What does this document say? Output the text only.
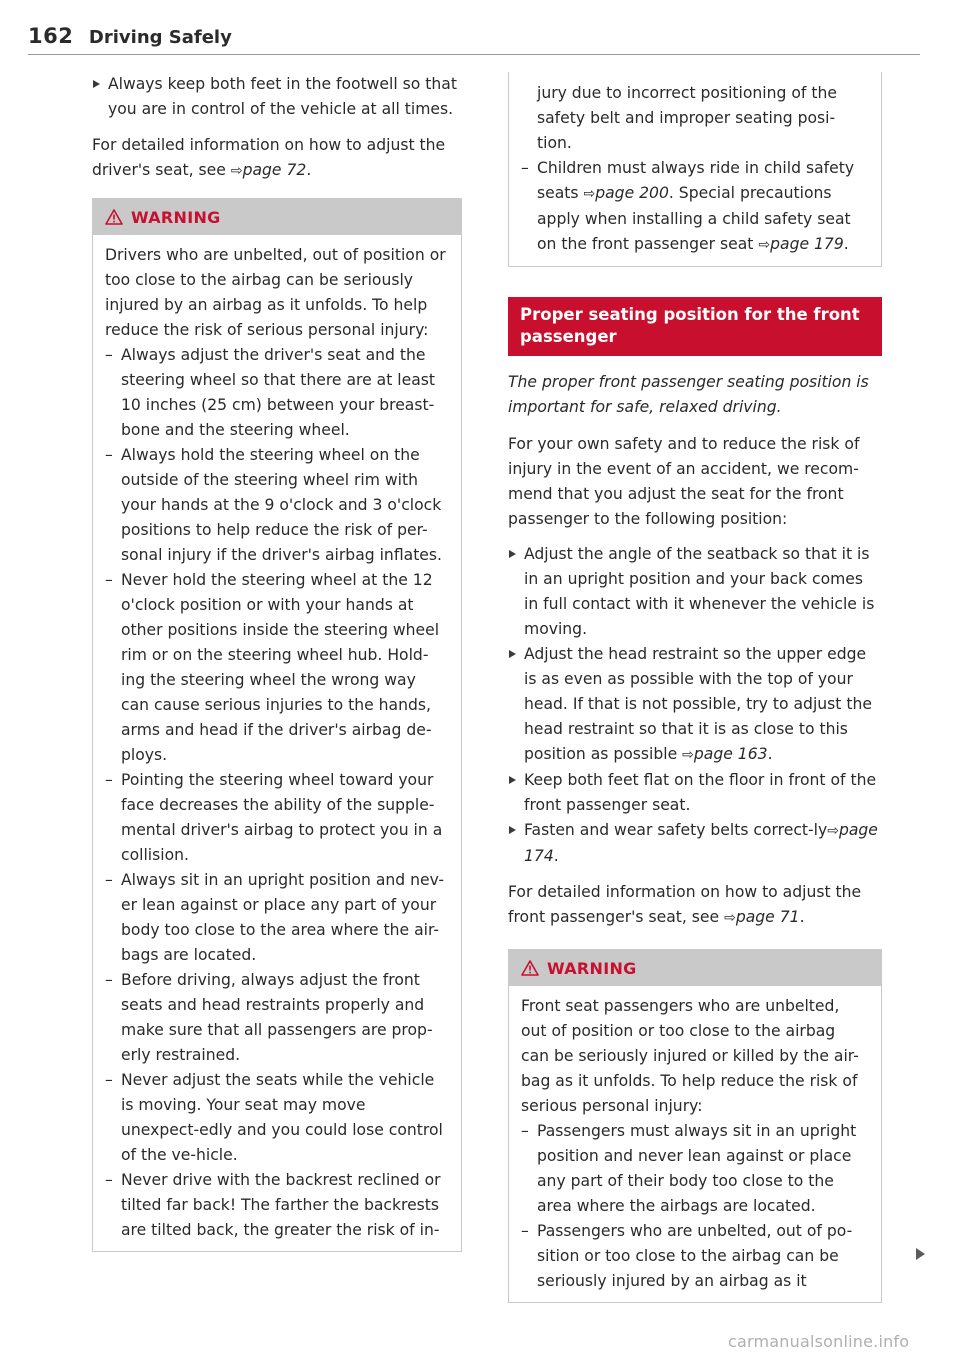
162 Driving Safely
Always keep both feet in the footwell so that you are in control of the vehicle at all times.

For detailed information on how to adjust the driver's seat, see ⇨page 72.

WARNING

Drivers who are unbelted, out of position or too close to the airbag can be seriously injured by an airbag as it unfolds. To help reduce the risk of serious personal injury:

– Always adjust the driver's seat and the steering wheel so that there are at least 10 inches (25 cm) between your breast-bone and the steering wheel.
– Always hold the steering wheel on the outside of the steering wheel rim with your hands at the 9 o'clock and 3 o'clock positions to help reduce the risk of per-sonal injury if the driver's airbag inflates.
– Never hold the steering wheel at the 12 o'clock position or with your hands at other positions inside the steering wheel rim or on the steering wheel hub. Hold-ing the steering wheel the wrong way can cause serious injuries to the hands, arms and head if the driver's airbag de-ploys.
– Pointing the steering wheel toward your face decreases the ability of the supple-mental driver's airbag to protect you in a collision.
– Always sit in an upright position and nev-er lean against or place any part of your body too close to the area where the air-bags are located.
– Before driving, always adjust the front seats and head restraints properly and make sure that all passengers are prop-erly restrained.
– Never adjust the seats while the vehicle is moving. Your seat may move unexpect-edly and you could lose control of the ve-hicle.
– Never drive with the backrest reclined or tilted far back! The farther the backrests are tilted back, the greater the risk of in-

jury due to incorrect positioning of the safety belt and improper seating posi-tion.

– Children must always ride in child safety seats ⇨page 200. Special precautions apply when installing a child safety seat on the front passenger seat ⇨page 179.
Proper seating position for the front passenger

The proper front passenger seating position is important for safe, relaxed driving.

For your own safety and to reduce the risk of injury in the event of an accident, we recom-mend that you adjust the seat for the front passenger to the following position:

Adjust the angle of the seatback so that it is in an upright position and your back comes in full contact with it whenever the vehicle is moving.
Adjust the head restraint so the upper edge is as even as possible with the top of your head. If that is not possible, try to adjust the head restraint so that it is as close to this position as possible ⇨page 163.
Keep both feet flat on the floor in front of the front passenger seat.
Fasten and wear safety belts correct-ly⇨page 174.

For detailed information on how to adjust the front passenger's seat, see ⇨page 71.

WARNING

Front seat passengers who are unbelted, out of position or too close to the airbag can be seriously injured or killed by the air-bag as it unfolds. To help reduce the risk of serious personal injury:

– Passengers must always sit in an upright position and never lean against or place any part of their body too close to the area where the airbags are located.
– Passengers who are unbelted, out of po-sition or too close to the airbag can be seriously injured by an airbag as it
carmanualsonline.info
